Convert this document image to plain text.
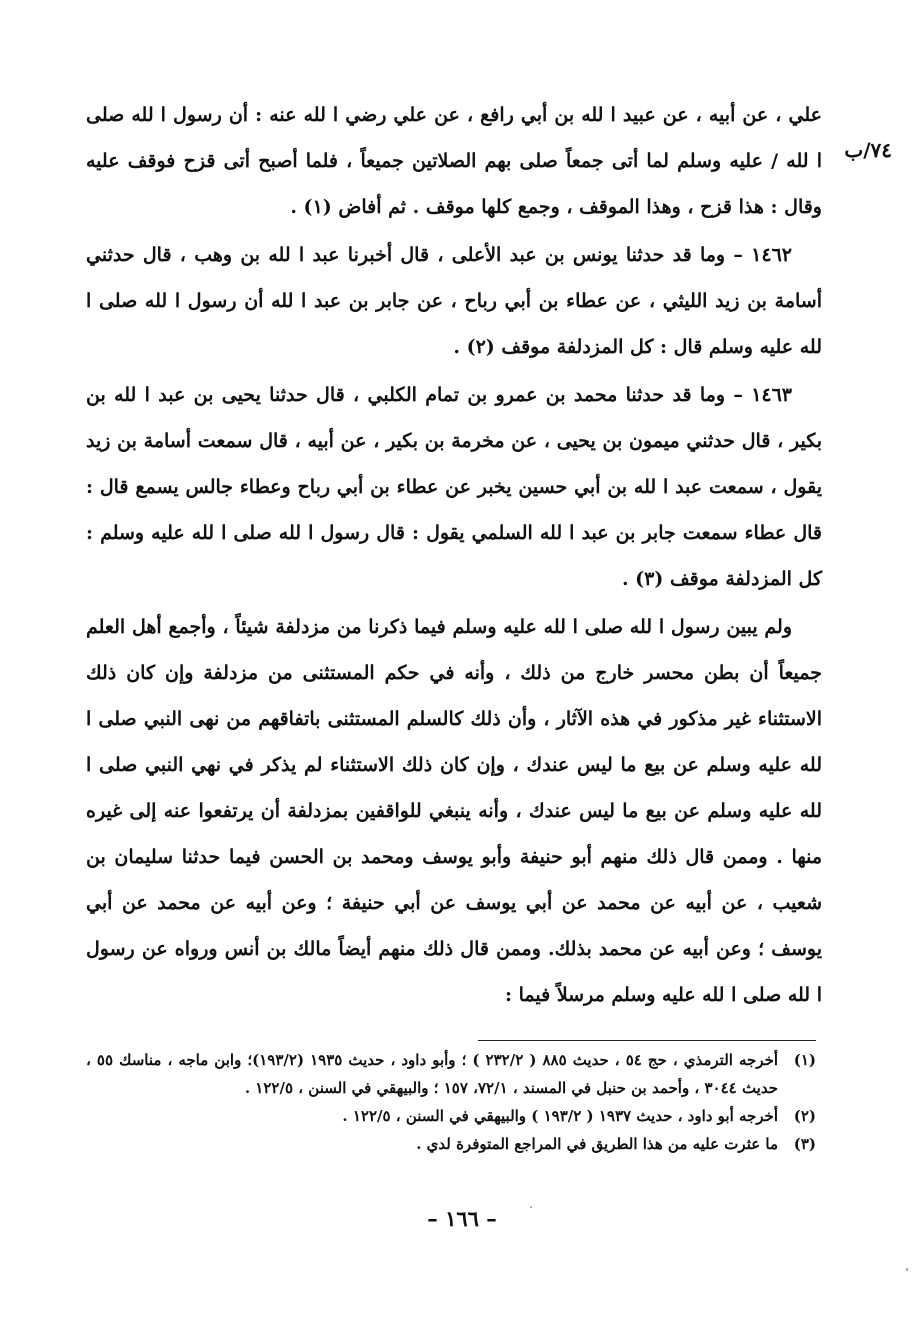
٧٤/ب

علي ، عن أبيه ، عن عبيد ا لله بن أبي رافع ، عن علي رضي ا لله عنه : أن رسول ا لله صلى ا لله / عليه وسلم لما أتى جمعاً صلى بهم الصلاتين جميعاً ، فلما أصبح أتى قزح فوقف عليه وقال : هذا قزح ، وهذا الموقف ، وجمع كلها موقف . ثم أفاض (١) .

١٤٦٢ – وما قد حدثنا يونس بن عبد الأعلى ، قال أخبرنا عبد ا لله بن وهب ، قال حدثني أسامة بن زيد الليثي ، عن عطاء بن أبي رباح ، عن جابر بن عبد ا لله أن رسول ا لله صلى ا لله عليه وسلم قال : كل المزدلفة موقف (٢) .

١٤٦٣ – وما قد حدثنا محمد بن عمرو بن تمام الكلبي ، قال حدثنا يحيى بن عبد ا لله بن بكير ، قال حدثني ميمون بن يحيى ، عن مخرمة بن بكير ، عن أبيه ، قال سمعت أسامة بن زيد يقول ، سمعت عبد ا لله بن أبي حسين يخبر عن عطاء بن أبي رباح وعطاء جالس يسمع قال : قال عطاء سمعت جابر بن عبد ا لله السلمي يقول : قال رسول ا لله صلى ا لله عليه وسلم : كل المزدلفة موقف (٣) .

ولم يبين رسول ا لله صلى ا لله عليه وسلم فيما ذكرنا من مزدلفة شيئاً ، وأجمع أهل العلم جميعاً أن بطن محسر خارج من ذلك ، وأنه في حكم المستثنى من مزدلفة وإن كان ذلك الاستثناء غير مذكور في هذه الآثار ، وأن ذلك كالسلم المستثنى باتفاقهم من نهى النبي صلى ا لله عليه وسلم عن بيع ما ليس عندك ، وإن كان ذلك الاستثناء لم يذكر في نهي النبي صلى ا لله عليه وسلم عن بيع ما ليس عندك ، وأنه ينبغي للواقفين بمزدلفة أن يرتفعوا عنه إلى غيره منها . وممن قال ذلك منهم أبو حنيفة وأبو يوسف ومحمد بن الحسن فيما حدثنا سليمان بن شعيب ، عن أبيه عن محمد عن أبي يوسف عن أبي حنيفة ؛ وعن أبيه عن محمد عن أبي يوسف ؛ وعن أبيه عن محمد بذلك. وممن قال ذلك منهم أيضاً مالك بن أنس ورواه عن رسول ا لله صلى ا لله عليه وسلم مرسلاً فيما :

(١)
أخرجه الترمذي ، حج ٥٤ ، حديث ٨٨٥ ( ٢٣٢/٢ ) ؛ وأبو داود ، حديث ١٩٣٥ (١٩٣/٢)؛ وابن ماجه ، مناسك ٥٥ ، حديث ٣٠٤٤ ، وأحمد بن حنبل في المسند ، ٧٢/١، ١٥٧ ؛ والبيهقي في السنن ، ١٢٢/٥ .
(٢)
أخرجه أبو داود ، حديث ١٩٣٧ ( ١٩٣/٢ ) والبيهقي في السنن ، ١٢٢/٥ .
(٣)
ما عثرت عليه من هذا الطريق في المراجع المتوفرة لدي .
– ١٦٦ –
